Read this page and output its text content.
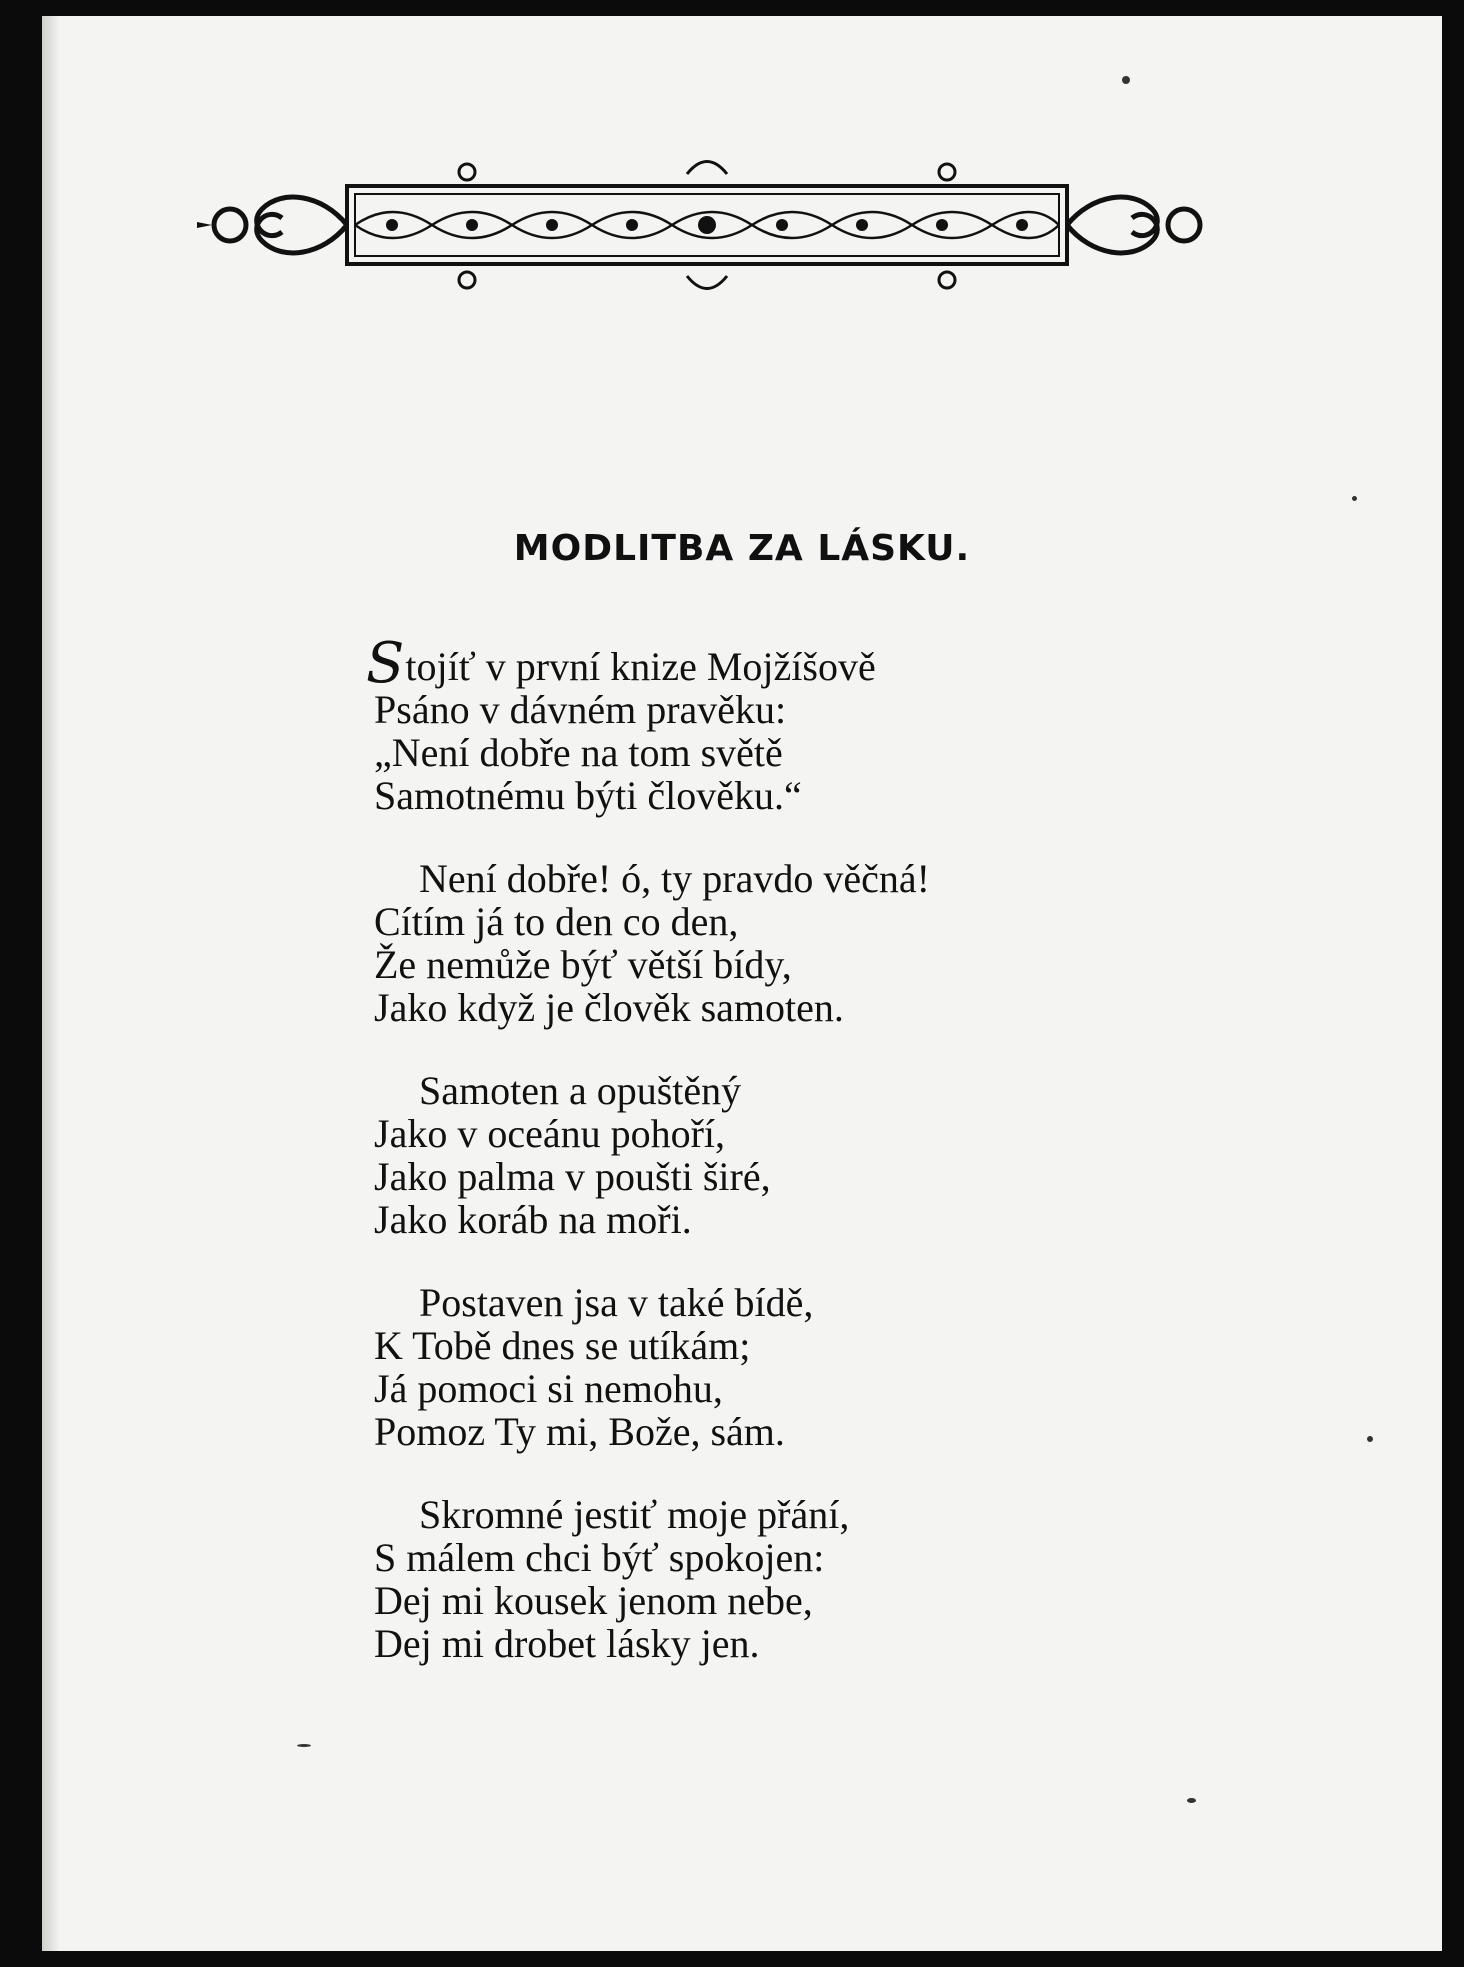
MODLITBA ZA LÁSKU.
Stojíť v první knize Mojžíšově
Psáno v dávném pravěku:
„Není dobře na tom světě
Samotnému býti člověku.“
Není dobře! ó, ty pravdo věčná!
Cítím já to den co den,
Že nemůže býť větší bídy,
Jako když je člověk samoten.
Samoten a opuštěný
Jako v oceánu pohoří,
Jako palma v poušti širé,
Jako koráb na moři.
Postaven jsa v také bídě,
K Tobě dnes se utíkám;
Já pomoci si nemohu,
Pomoz Ty mi, Bože, sám.
Skromné jestiť moje přání,
S málem chci býť spokojen:
Dej mi kousek jenom nebe,
Dej mi drobet lásky jen.
